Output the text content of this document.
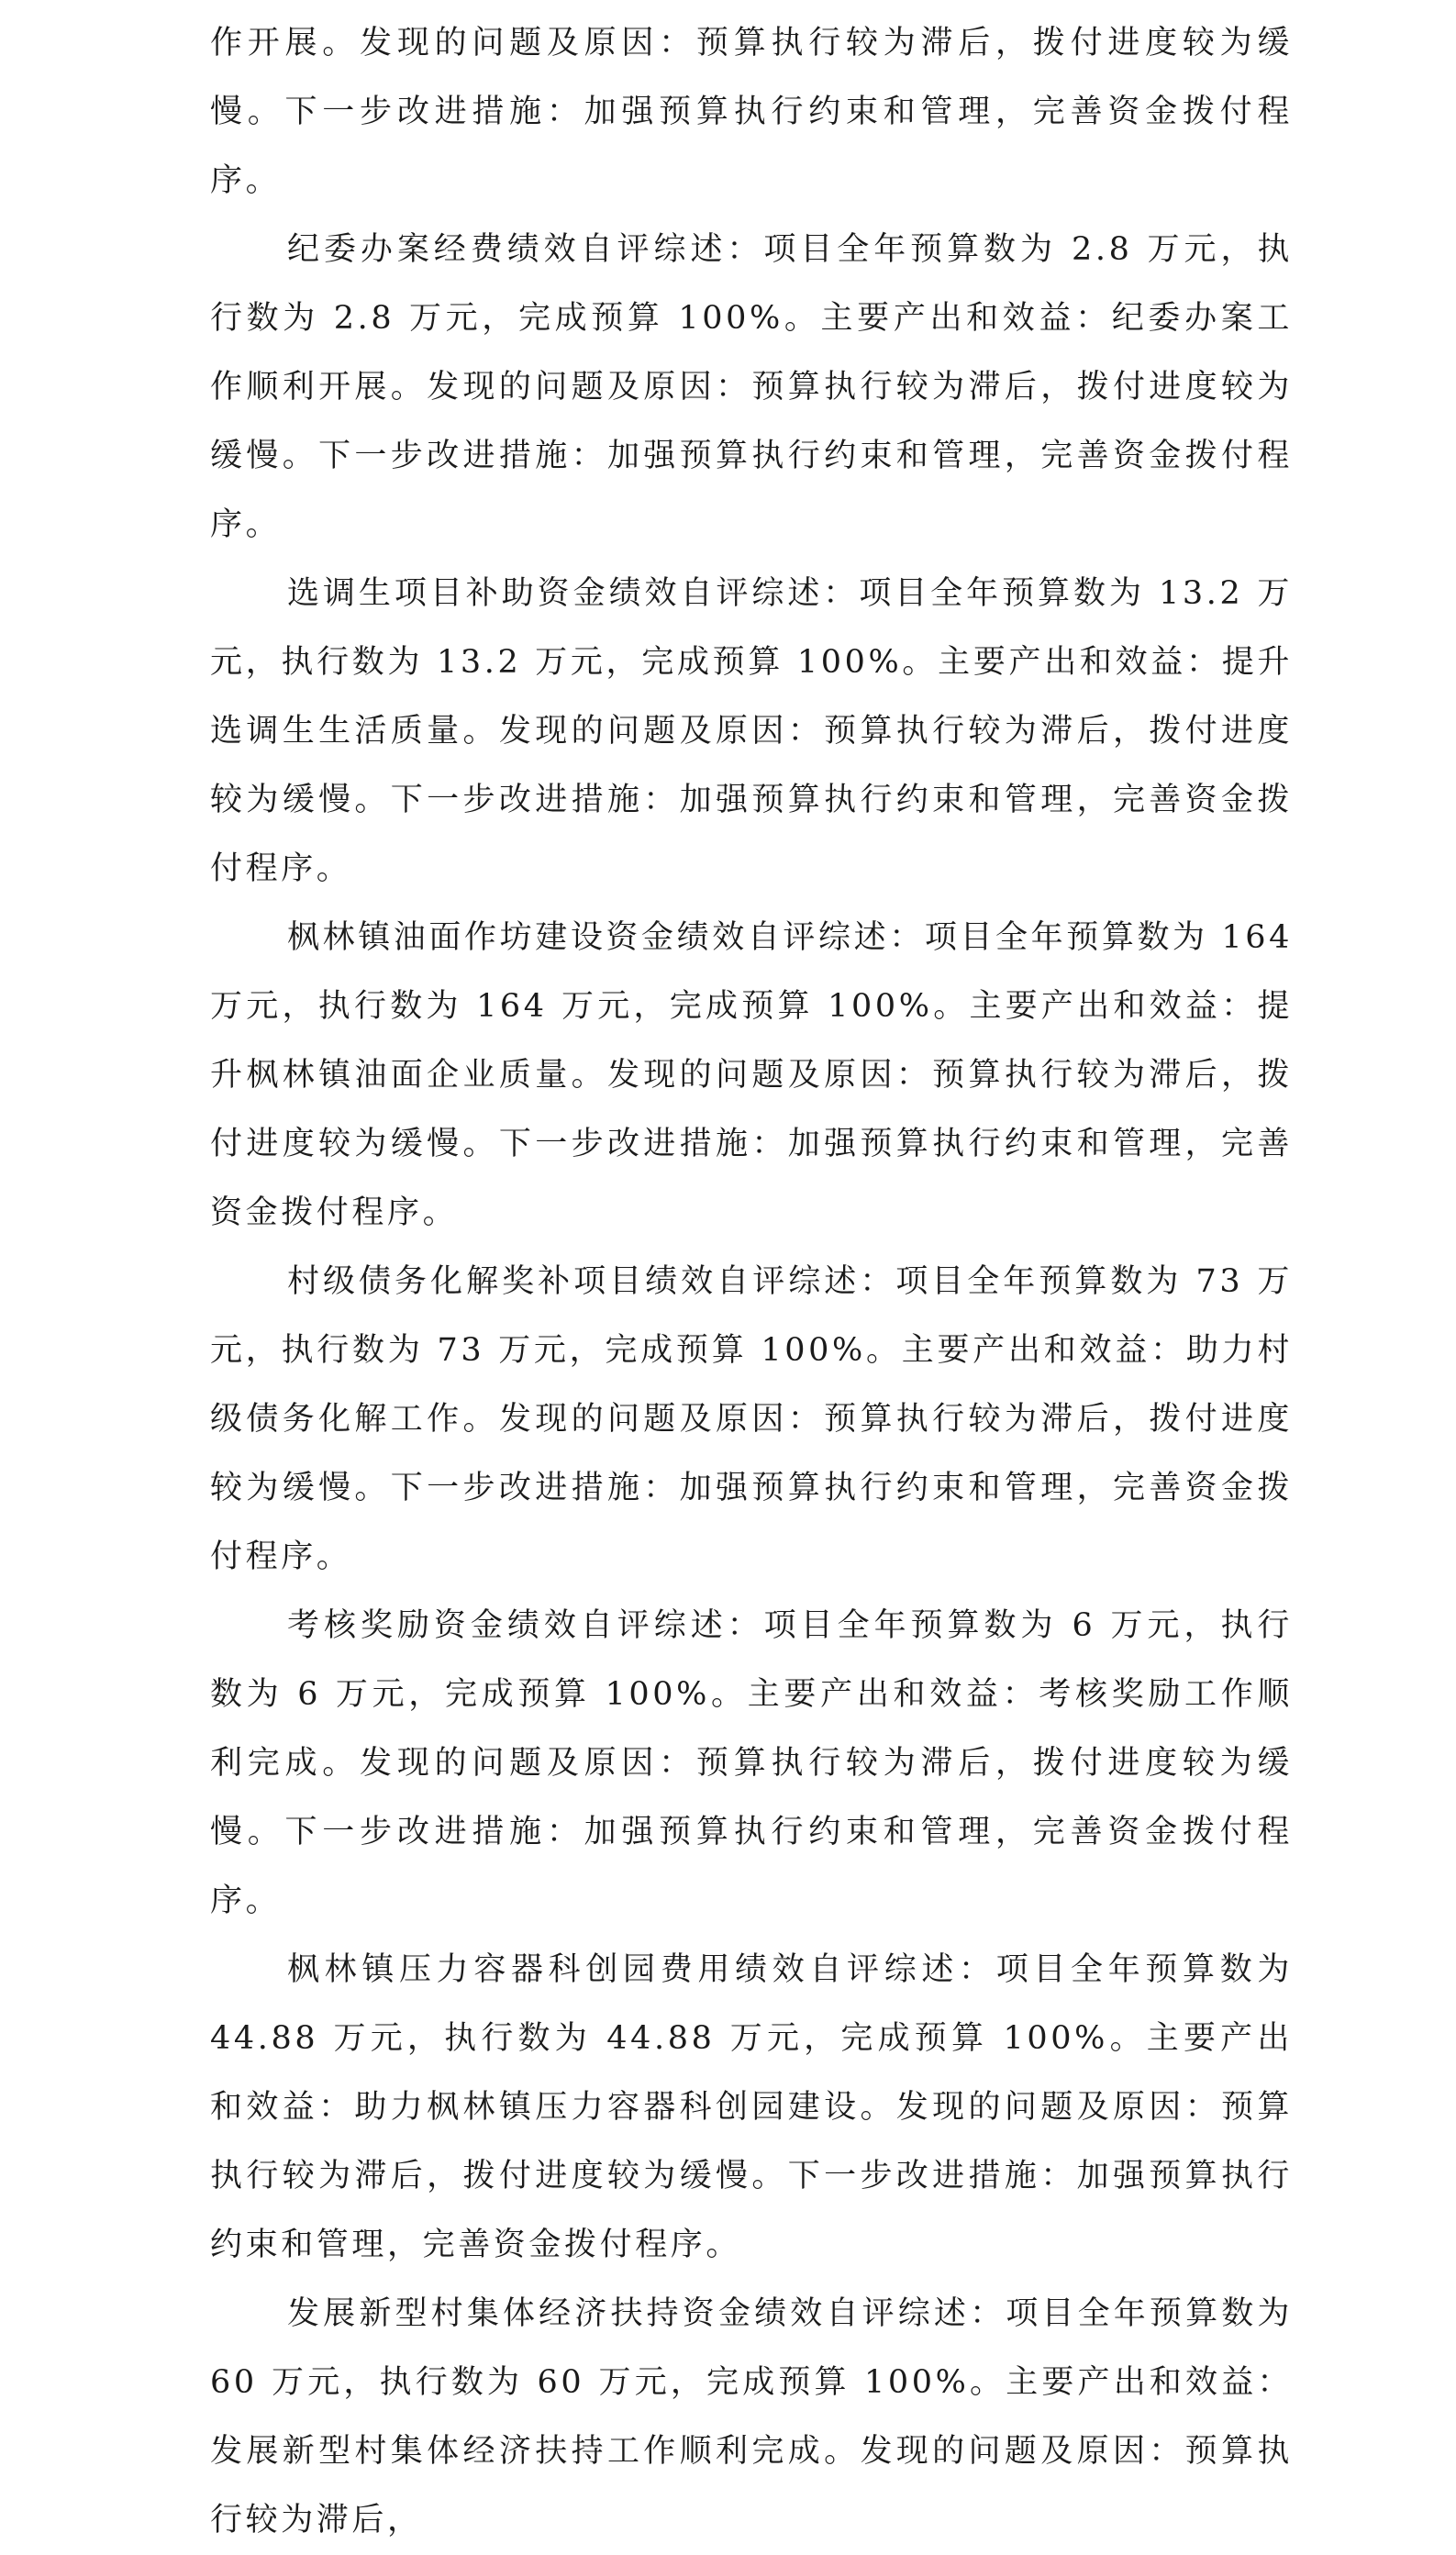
作开展。发现的问题及原因：预算执行较为滞后，拨付进度较为缓慢。下一步改进措施：加强预算执行约束和管理，完善资金拨付程序。

纪委办案经费绩效自评综述：项目全年预算数为 2.8 万元，执行数为 2.8 万元，完成预算 100%。主要产出和效益：纪委办案工作顺利开展。发现的问题及原因：预算执行较为滞后，拨付进度较为缓慢。下一步改进措施：加强预算执行约束和管理，完善资金拨付程序。

选调生项目补助资金绩效自评综述：项目全年预算数为 13.2 万元，执行数为 13.2 万元，完成预算 100%。主要产出和效益：提升选调生生活质量。发现的问题及原因：预算执行较为滞后，拨付进度较为缓慢。下一步改进措施：加强预算执行约束和管理，完善资金拨付程序。

枫林镇油面作坊建设资金绩效自评综述：项目全年预算数为 164 万元，执行数为 164 万元，完成预算 100%。主要产出和效益：提升枫林镇油面企业质量。发现的问题及原因：预算执行较为滞后，拨付进度较为缓慢。下一步改进措施：加强预算执行约束和管理，完善资金拨付程序。

村级债务化解奖补项目绩效自评综述：项目全年预算数为 73 万元，执行数为 73 万元，完成预算 100%。主要产出和效益：助力村级债务化解工作。发现的问题及原因：预算执行较为滞后，拨付进度较为缓慢。下一步改进措施：加强预算执行约束和管理，完善资金拨付程序。

考核奖励资金绩效自评综述：项目全年预算数为 6 万元，执行数为 6 万元，完成预算 100%。主要产出和效益：考核奖励工作顺利完成。发现的问题及原因：预算执行较为滞后，拨付进度较为缓慢。下一步改进措施：加强预算执行约束和管理，完善资金拨付程序。

枫林镇压力容器科创园费用绩效自评综述：项目全年预算数为 44.88 万元，执行数为 44.88 万元，完成预算 100%。主要产出和效益：助力枫林镇压力容器科创园建设。发现的问题及原因：预算执行较为滞后，拨付进度较为缓慢。下一步改进措施：加强预算执行约束和管理，完善资金拨付程序。

发展新型村集体经济扶持资金绩效自评综述：项目全年预算数为 60 万元，执行数为 60 万元，完成预算 100%。主要产出和效益：发展新型村集体经济扶持工作顺利完成。发现的问题及原因：预算执行较为滞后，
